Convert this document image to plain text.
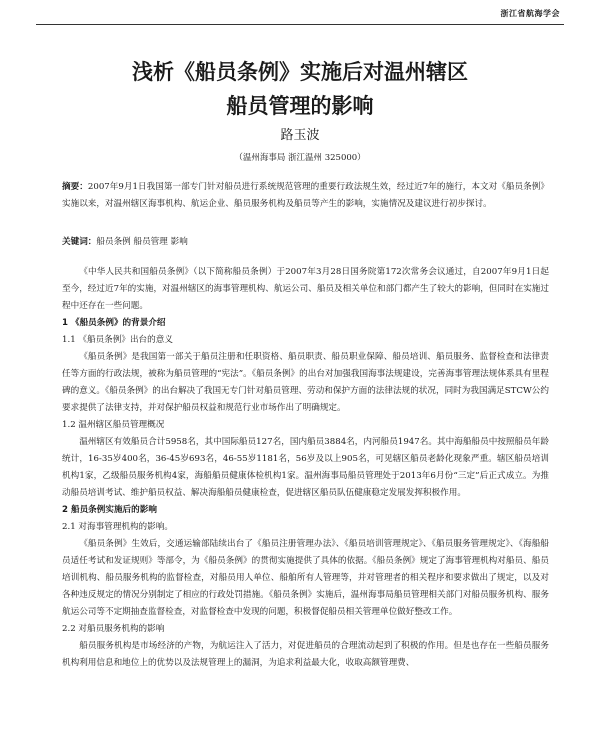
浙江省航海学会
浅析《船员条例》实施后对温州辖区
船员管理的影响
路玉波
（温州海事局 浙江温州 325000）
摘要：2007年9月1日我国第一部专门针对船员进行系统规范管理的重要行政法规生效，经过近7年的施行，本文对《船员条例》实施以来，对温州辖区海事机构、航运企业、船员服务机构及船员等产生的影响，实施情况及建议进行初步探讨。
关键词：船员条例 船员管理 影响

《中华人民共和国船员条例》（以下简称船员条例）于2007年3月28日国务院第172次常务会议通过，自2007年9月1日起至今，经过近7年的实施，对温州辖区的海事管理机构、航运公司、船员及相关单位和部门都产生了较大的影响，但同时在实施过程中还存在一些问题。

1 《船员条例》的背景介绍

1.1 《船员条例》出台的意义

《船员条例》是我国第一部关于船员注册和任职资格、船员职责、船员职业保障、船员培训、船员服务、监督检查和法律责任等方面的行政法规，被称为船员管理的“宪法”。《船员条例》的出台对加强我国海事法规建设，完善海事管理法规体系具有里程碑的意义。《船员条例》的出台解决了我国无专门针对船员管理、劳动和保护方面的法律法规的状况，同时为我国满足STCW公约要求提供了法律支持，并对保护船员权益和规范行业市场作出了明确规定。

1.2 温州辖区船员管理概况

温州辖区有效船员合计5958名，其中国际船员127名，国内船员3884名，内河船员1947名。其中海船船员中按照船员年龄统计，16-35岁400名，36-45岁693名，46-55岁1181名，56岁及以上905名，可见辖区船员老龄化现象严重。辖区船员培训机构1家，乙级船员服务机构4家，海船船员健康体检机构1家。温州海事局船员管理处于2013年6月份“三定”后正式成立。为推动船员培训考试、维护船员权益、解决海船船员健康检查，促进辖区船员队伍健康稳定发展发挥积极作用。

2 船员条例实施后的影响

2.1 对海事管理机构的影响。

《船员条例》生效后，交通运输部陆续出台了《船员注册管理办法》、《船员培训管理规定》、《船员服务管理规定》、《海船船员适任考试和发证规则》等部令，为《船员条例》的贯彻实施提供了具体的依据。《船员条例》规定了海事管理机构对船员、船员培训机构、船员服务机构的监督检查，对船员用人单位、船舶所有人管理等，并对管理者的相关程序和要求做出了规定，以及对各种违反规定的情况分别制定了相应的行政处罚措施。《船员条例》实施后，温州海事局船员管理相关部门对船员服务机构、服务航运公司等不定期抽查监督检查，对监督检查中发现的问题，积极督促船员相关管理单位做好整改工作。

2.2 对船员服务机构的影响

船员服务机构是市场经济的产物，为航运注入了活力，对促进船员的合理流动起到了积极的作用。但是也存在一些船员服务机构利用信息和地位上的优势以及法规管理上的漏洞，为追求利益最大化，收取高额管理费、
